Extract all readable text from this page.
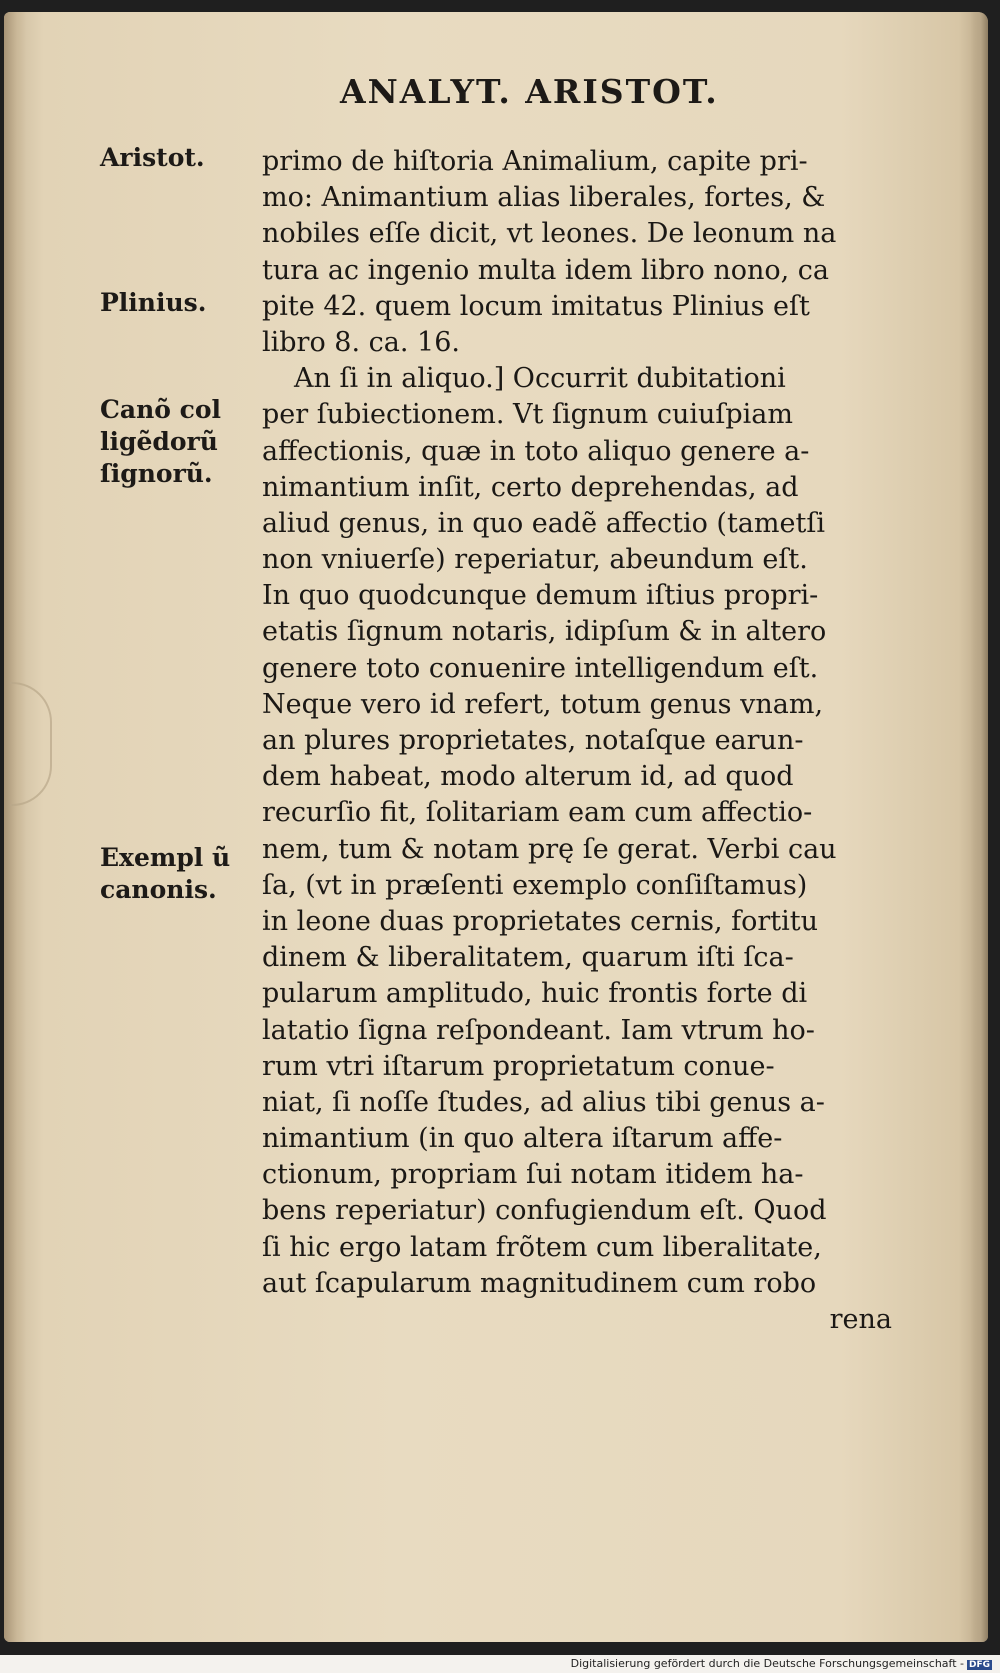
ANALYT. ARISTOT.
Aristot.
Plinius.
Canõ col
ligẽdorũ
ſignorũ.
Exempl ũ
canonis.
primo de hiſtoria Animalium, capite pri-
mo: Animantium alias liberales, fortes, &
nobiles eſſe dicit, vt leones. De leonum na
tura ac ingenio multa idem libro nono, ca
pite 42. quem locum imitatus Plinius eſt
libro 8. ca. 16.
An ſi in aliquo.] Occurrit dubitationi
per ſubiectionem. Vt ſignum cuiuſpiam
affectionis, quæ in toto aliquo genere a-
nimantium inſit, certo deprehendas, ad
aliud genus, in quo eadẽ affectio (tametſi
non vniuerſe) reperiatur, abeundum eſt.
In quo quodcunque demum iſtius propri-
etatis ſignum notaris, idipſum & in altero
genere toto conuenire intelligendum eſt.
Neque vero id refert, totum genus vnam,
an plures proprietates, notaſque earun-
dem habeat, modo alterum id, ad quod
recurſio fit, ſolitariam eam cum affectio-
nem, tum & notam prę ſe gerat. Verbi cau
ſa, (vt in præſenti exemplo conſiſtamus)
in leone duas proprietates cernis, fortitu
dinem & liberalitatem, quarum iſti ſca-
pularum amplitudo, huic frontis forte di
latatio ſigna reſpondeant. Iam vtrum ho-
rum vtri iſtarum proprietatum conue-
niat, ſi noſſe ſtudes, ad alius tibi genus a-
nimantium (in quo altera iſtarum affe-
ctionum, propriam ſui notam itidem ha-
bens reperiatur) confugiendum eſt. Quod
ſi hic ergo latam frõtem cum liberalitate,
aut ſcapularum magnitudinem cum robo
rena
Digitalisierung gefördert durch die Deutsche Forschungsgemeinschaft - DFG
